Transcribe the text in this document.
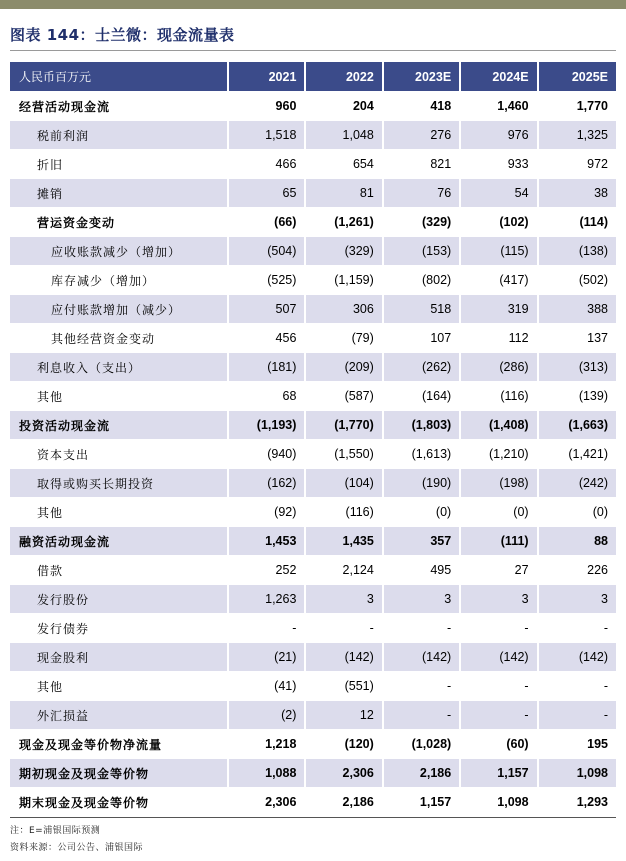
图表 144：士兰微：现金流量表
人民币百万元	2021	2022	2023E	2024E	2025E
经营活动现金流	960	204	418	1,460	1,770
税前利润	1,518	1,048	276	976	1,325
折旧	466	654	821	933	972
摊销	65	81	76	54	38
营运资金变动	(66)	(1,261)	(329)	(102)	(114)
应收账款减少（增加）	(504)	(329)	(153)	(115)	(138)
库存减少（增加）	(525)	(1,159)	(802)	(417)	(502)
应付账款增加（减少）	507	306	518	319	388
其他经营资金变动	456	(79)	107	112	137
利息收入（支出）	(181)	(209)	(262)	(286)	(313)
其他	68	(587)	(164)	(116)	(139)
投资活动现金流	(1,193)	(1,770)	(1,803)	(1,408)	(1,663)
资本支出	(940)	(1,550)	(1,613)	(1,210)	(1,421)
取得或购买长期投资	(162)	(104)	(190)	(198)	(242)
其他	(92)	(116)	(0)	(0)	(0)
融资活动现金流	1,453	1,435	357	(111)	88
借款	252	2,124	495	27	226
发行股份	1,263	3	3	3	3
发行债券	-	-	-	-	-
现金股利	(21)	(142)	(142)	(142)	(142)
其他	(41)	(551)	-	-	-
外汇损益	(2)	12	-	-	-
现金及现金等价物净流量	1,218	(120)	(1,028)	(60)	195
期初现金及现金等价物	1,088	2,306	2,186	1,157	1,098
期末现金及现金等价物	2,306	2,186	1,157	1,098	1,293
注：E=浦银国际预测
资料来源：公司公告、浦银国际
